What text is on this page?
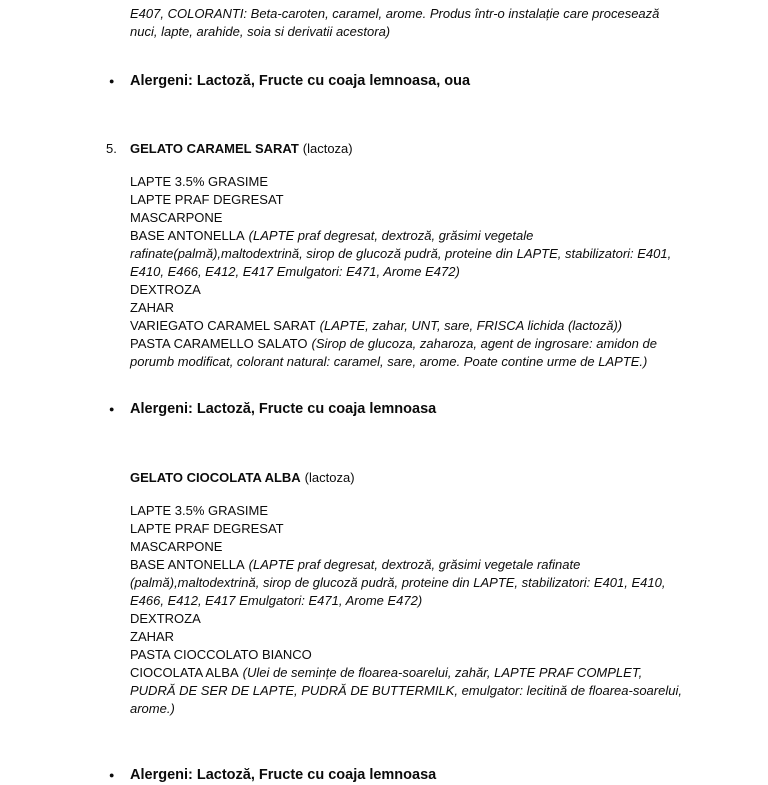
E407, COLORANTI: Beta-caroten, caramel, arome. Produs într-o instalație care procesează nuci, lapte, arahide, soia si derivatii acestora)

● Alergeni: Lactoză, Fructe cu coaja lemnoasa, oua
5. GELATO CARAMEL SARAT (lactoza)
LAPTE 3.5% GRASIME
LAPTE PRAF DEGRESAT
MASCARPONE
BASE ANTONELLA (LAPTE praf degresat, dextroză, grăsimi vegetale rafinate(palmă),maltodextrină, sirop de glucoză pudră, proteine din LAPTE, stabilizatori: E401, E410, E466, E412, E417 Emulgatori: E471, Arome E472)
DEXTROZA
ZAHAR
VARIEGATO CARAMEL SARAT (LAPTE, zahar, UNT, sare, FRISCA lichida (lactoză))
PASTA CARAMELLO SALATO (Sirop de glucoza, zaharoza, agent de ingrosare: amidon de porumb modificat, colorant natural: caramel, sare, arome. Poate contine urme de LAPTE.)
● Alergeni: Lactoză, Fructe cu coaja lemnoasa
GELATO CIOCOLATA ALBA (lactoza)
LAPTE 3.5% GRASIME
LAPTE PRAF DEGRESAT
MASCARPONE
BASE ANTONELLA (LAPTE praf degresat, dextroză, grăsimi vegetale rafinate (palmă),maltodextrină, sirop de glucoză pudră, proteine din LAPTE, stabilizatori: E401, E410, E466, E412, E417 Emulgatori: E471, Arome E472)
DEXTROZA
ZAHAR
PASTA CIOCCOLATO BIANCO
CIOCOLATA ALBA (Ulei de semințe de floarea-soarelui, zahăr, LAPTE PRAF COMPLET, PUDRĂ DE SER DE LAPTE, PUDRĂ DE BUTTERMILK, emulgator: lecitină de floarea-soarelui, arome.)
● Alergeni: Lactoză, Fructe cu coaja lemnoasa
